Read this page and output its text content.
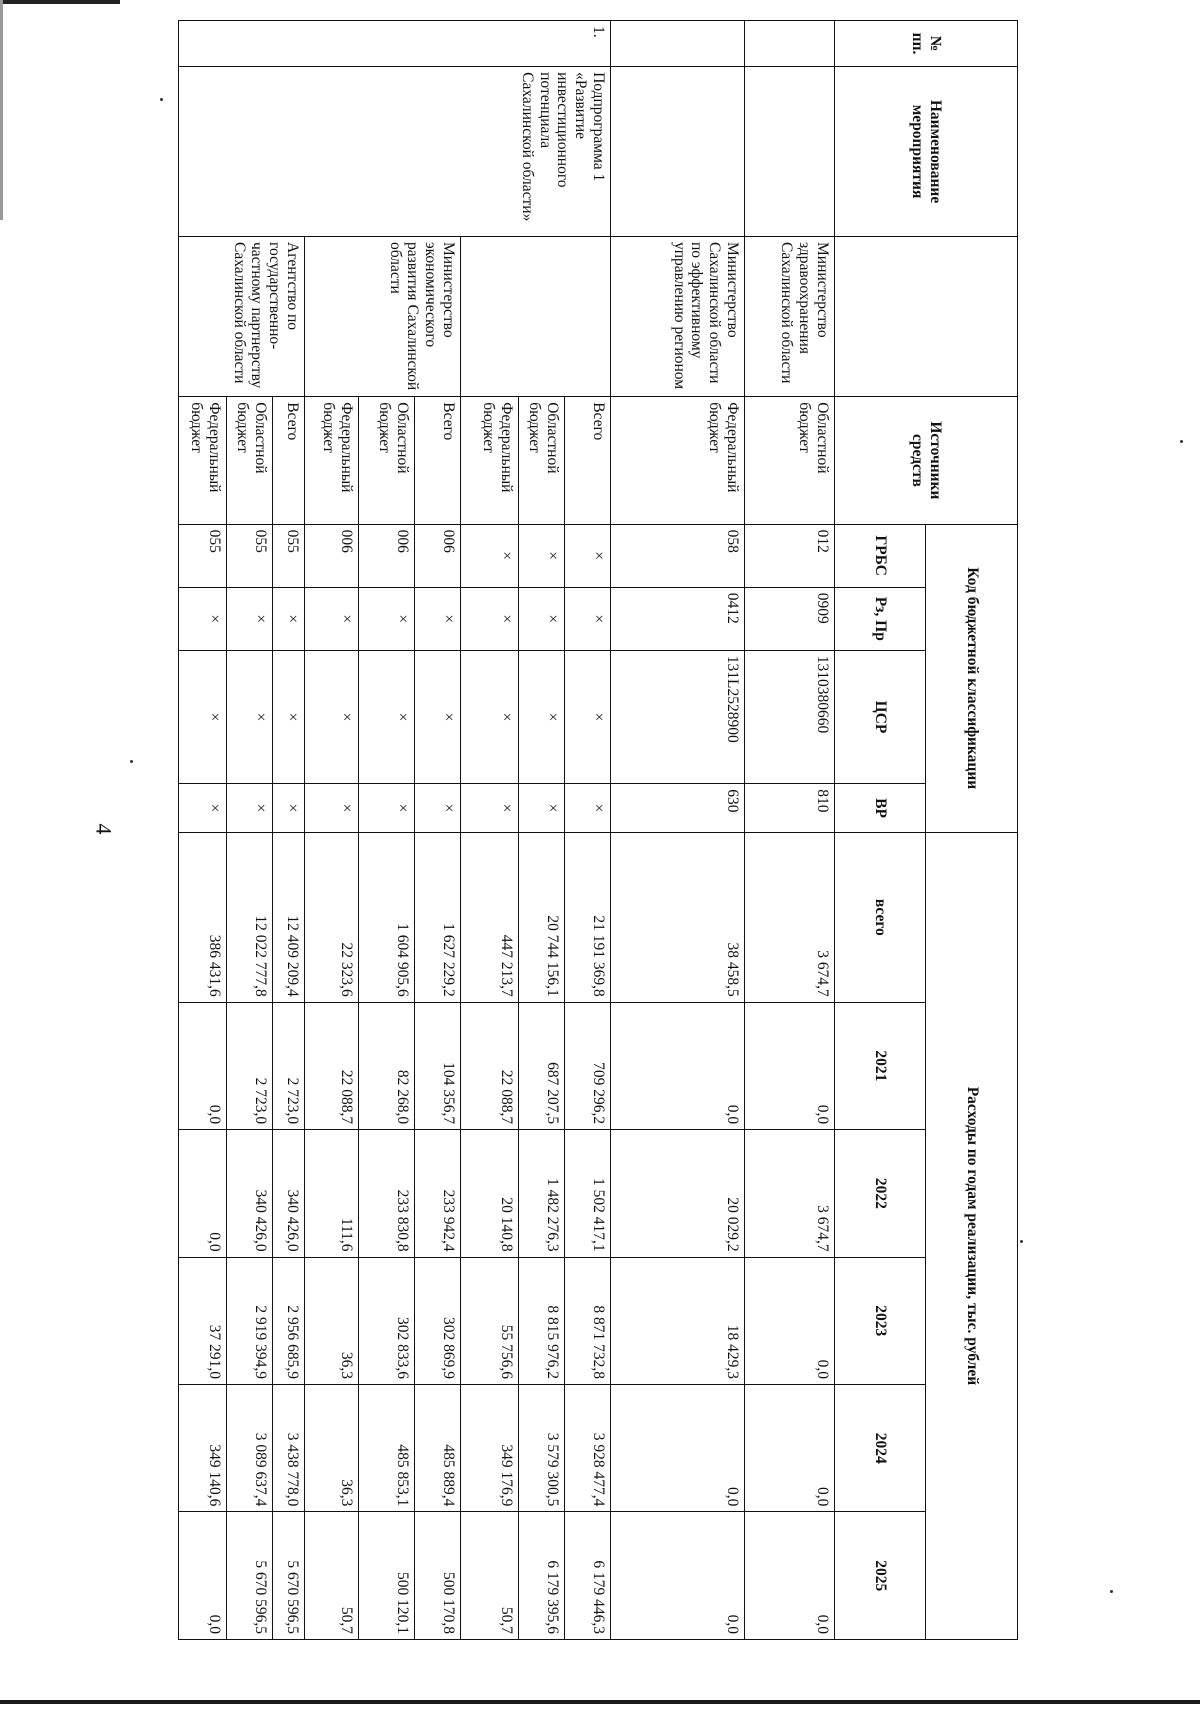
4
№ пп.	Наименование мероприятия		Источники средств	Код бюджетной классификации				Расходы по годам реализации, тыс. рублей					
				ГРБС	Рз, Пр	ЦСР	ВР	всего	2021	2022	2023	2024	2025
		Министерство здравоохранения Сахалинской области	Областной бюджет	012	0909	1310380660	810	3 674,7	0,0	3 674,7	0,0	0,0	0,0
		Министерство Сахалинской области по эффективному управлению регионом	Федеральный бюджет	058	0412	131L2528900	630	38 458,5	0,0	20 029,2	18 429,3	0,0	0,0
1.	Подпрограмма 1 «Развитие инвестиционного потенциала Сахалинской области»		Всего	×	×	×	×	21 191 369,8	709 296,2	1 502 417,1	8 871 732,8	3 928 477,4	6 179 446,3
			Областной бюджет	×	×	×	×	20 744 156,1	687 207,5	1 482 276,3	8 815 976,2	3 579 300,5	6 179 395,6
			Федеральный бюджет	×	×	×	×	447 213,7	22 088,7	20 140,8	55 756,6	349 176,9	50,7
		Министерство экономического развития Сахалинской области	Всего	006	×	×	×	1 627 229,2	104 356,7	233 942,4	302 869,9	485 889,4	500 170,8
			Областной бюджет	006	×	×	×	1 604 905,6	82 268,0	233 830,8	302 833,6	485 853,1	500 120,1
			Федеральный бюджет	006	×	×	×	22 323,6	22 088,7	111,6	36,3	36,3	50,7
		Агентство по государственно-частному партнерству Сахалинской области	Всего	055	×	×	×	12 409 209,4	2 723,0	340 426,0	2 956 685,9	3 438 778,0	5 670 596,5
			Областной бюджет	055	×	×	×	12 022 777,8	2 723,0	340 426,0	2 919 394,9	3 089 637,4	5 670 596,5
			Федеральный бюджет	055	×	×	×	386 431,6	0,0	0,0	37 291,0	349 140,6	0,0
